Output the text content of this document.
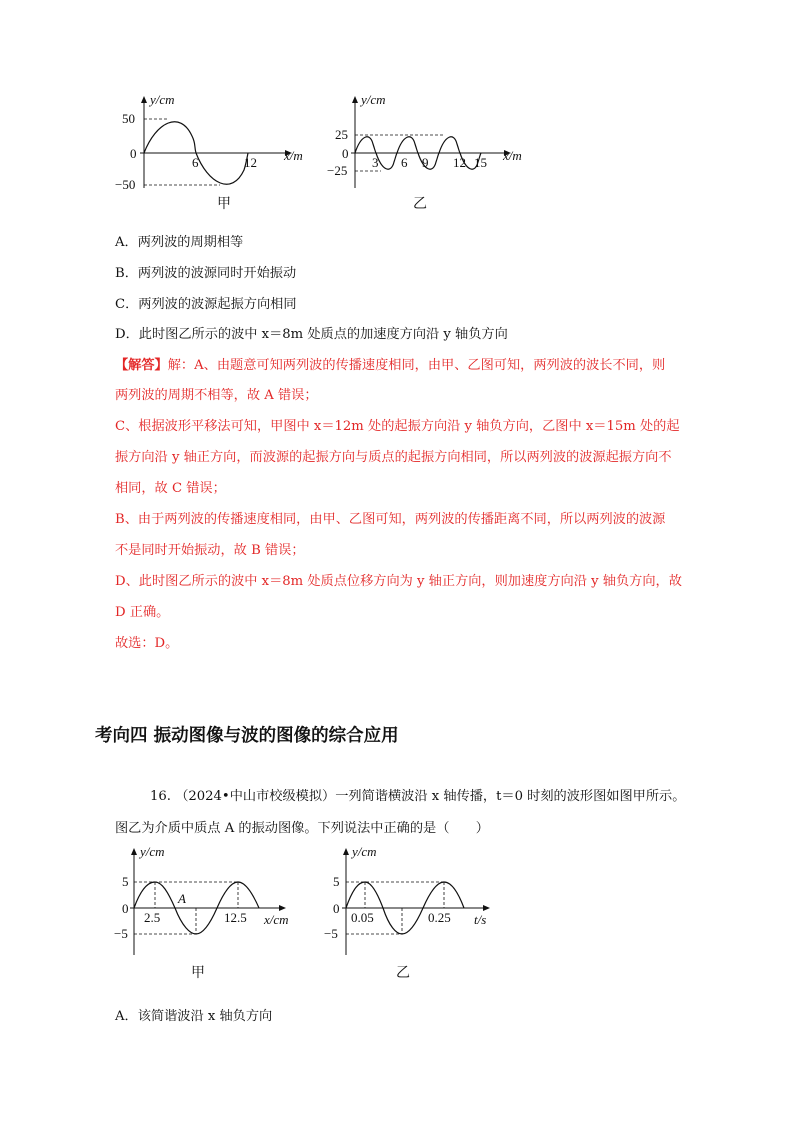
y/cm
50
0
−50
6	12 x/m
甲
y/cm
25
0
−25
3 6 9 12 15 x/m
乙
A．两列波的周期相等
B．两列波的波源同时开始振动
C．两列波的波源起振方向相同
D．此时图乙所示的波中 x＝8m 处质点的加速度方向沿 y 轴负方向
【解答】解：A、由题意可知两列波的传播速度相同，由甲、乙图可知，两列波的波长不同，则
两列波的周期不相等，故 A 错误；
C、根据波形平移法可知，甲图中 x＝12m 处的起振方向沿 y 轴负方向，乙图中 x＝15m 处的起
振方向沿 y 轴正方向，而波源的起振方向与质点的起振方向相同，所以两列波的波源起振方向不
相同，故 C 错误；
B、由于两列波的传播速度相同，由甲、乙图可知，两列波的传播距离不同，所以两列波的波源
不是同时开始振动，故 B 错误；
D、此时图乙所示的波中 x＝8m 处质点位移方向为 y 轴正方向，则加速度方向沿 y 轴负方向，故
D 正确。
故选：D。
考向四 振动图像与波的图像的综合应用
16. （2024•中山市校级模拟）一列简谐横波沿 x 轴传播，t＝0 时刻的波形图如图甲所示。
图乙为介质中质点 A 的振动图像。下列说法中正确的是（　　）
y/cm
5
0
−5
2.5	12.5
A
x/cm
甲
y/cm
5
0
−5
0.05	0.25 t/s
乙
A．该简谐波沿 x 轴负方向
